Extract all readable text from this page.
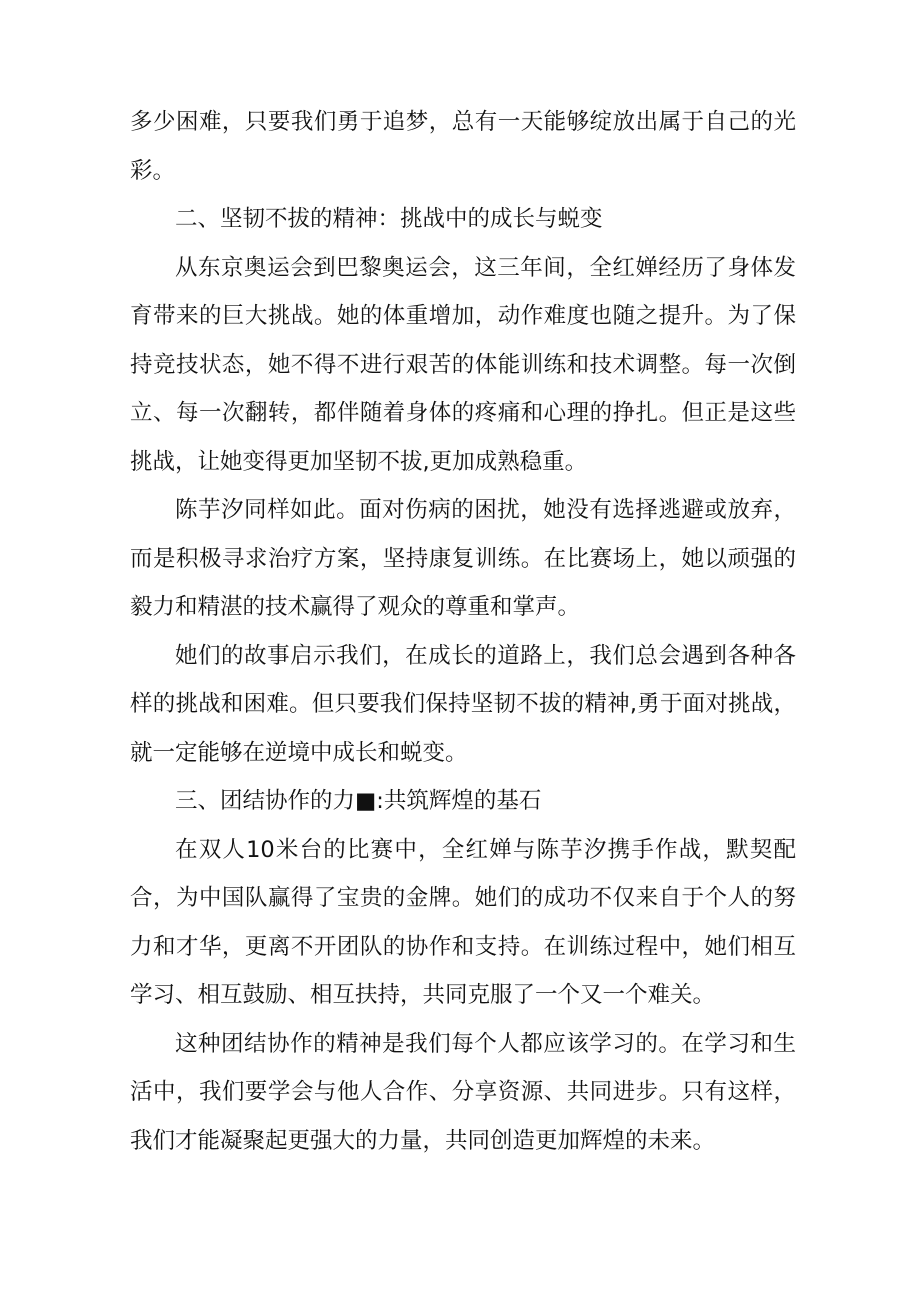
多少困难，只要我们勇于追梦，总有一天能够绽放出属于自己的光彩。

二、坚韧不拔的精神：挑战中的成长与蜕变

从东京奥运会到巴黎奥运会，这三年间，全红婵经历了身体发育带来的巨大挑战。她的体重增加，动作难度也随之提升。为了保持竞技状态，她不得不进行艰苦的体能训练和技术调整。每一次倒立、每一次翻转，都伴随着身体的疼痛和心理的挣扎。但正是这些挑战，让她变得更加坚韧不拔,更加成熟稳重。

陈芋汐同样如此。面对伤病的困扰，她没有选择逃避或放弃，而是积极寻求治疗方案，坚持康复训练。在比赛场上，她以顽强的毅力和精湛的技术赢得了观众的尊重和掌声。

她们的故事启示我们，在成长的道路上，我们总会遇到各种各样的挑战和困难。但只要我们保持坚韧不拔的精神,勇于面对挑战，就一定能够在逆境中成长和蜕变。

三、团结协作的力■:共筑辉煌的基石

在双人10米台的比赛中，全红婵与陈芋汐携手作战，默契配合，为中国队赢得了宝贵的金牌。她们的成功不仅来自于个人的努力和才华，更离不开团队的协作和支持。在训练过程中，她们相互学习、相互鼓励、相互扶持，共同克服了一个又一个难关。

这种团结协作的精神是我们每个人都应该学习的。在学习和生活中，我们要学会与他人合作、分享资源、共同进步。只有这样，我们才能凝聚起更强大的力量，共同创造更加辉煌的未来。
